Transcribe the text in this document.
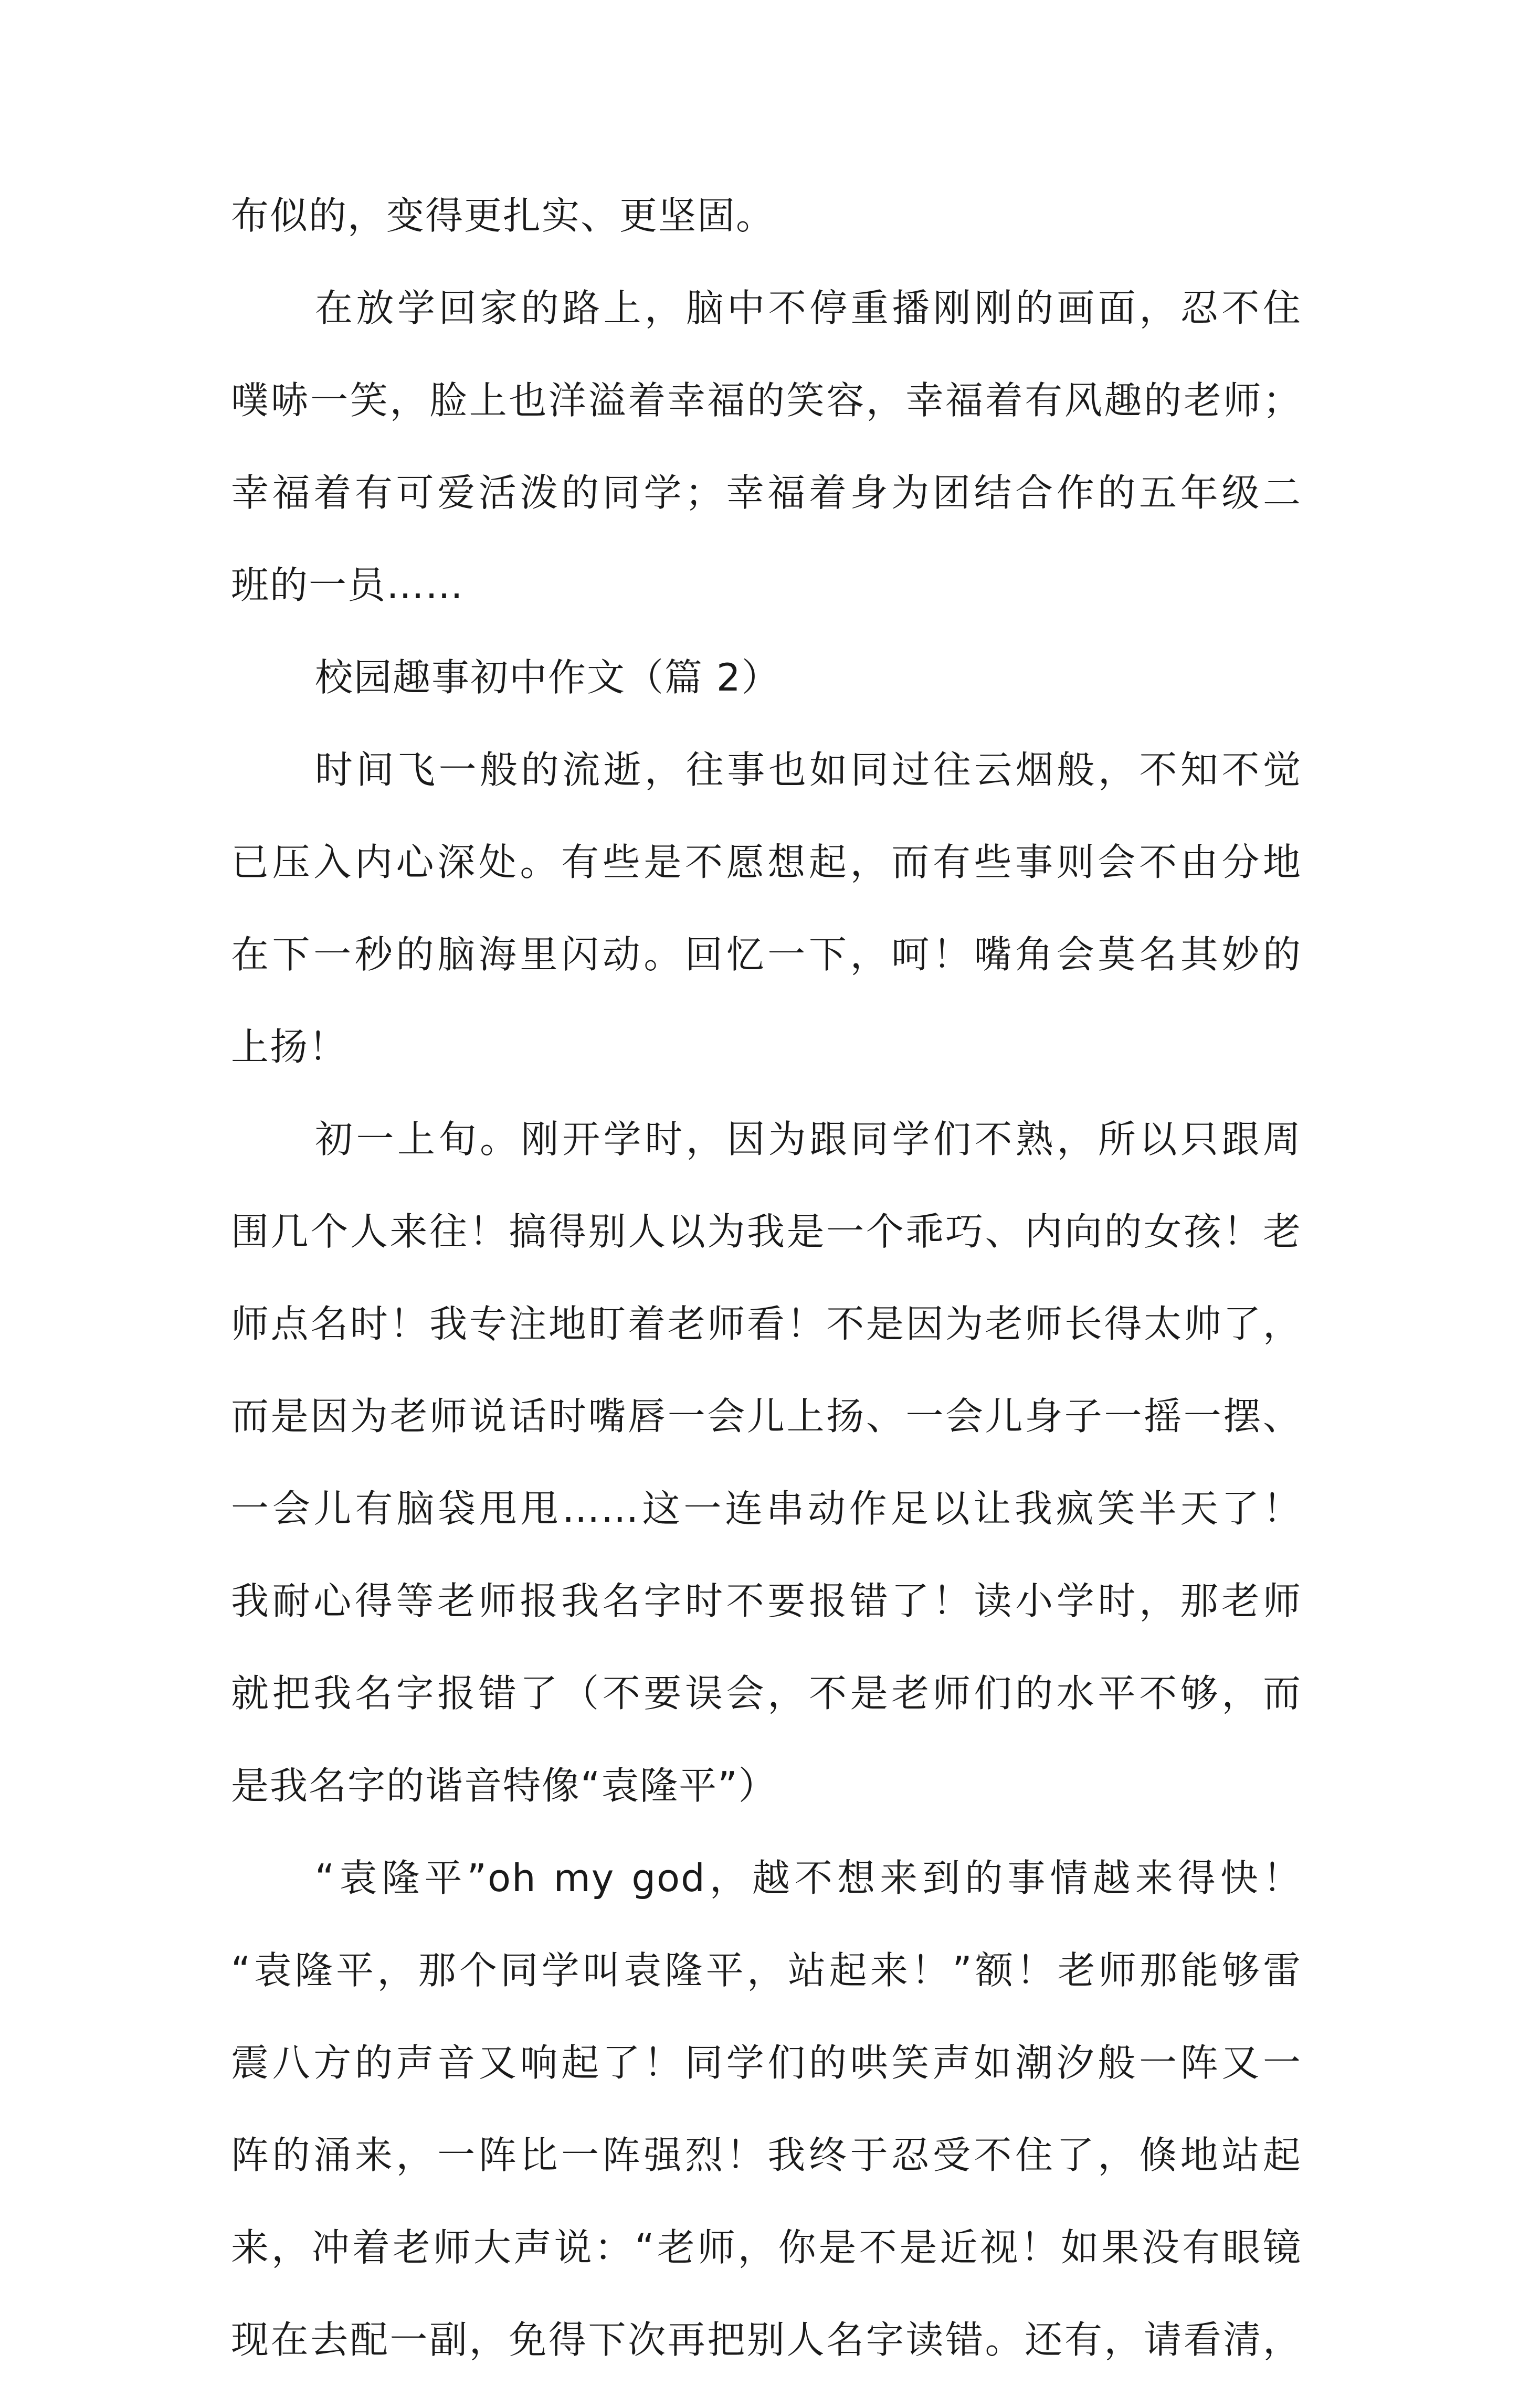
布似的，变得更扎实、更坚固。
在放学回家的路上，脑中不停重播刚刚的画面，忍不住
噗哧一笑，脸上也洋溢着幸福的笑容，幸福着有风趣的老师；
幸福着有可爱活泼的同学；幸福着身为团结合作的五年级二
班的一员……
校园趣事初中作文（篇 2）
时间飞一般的流逝，往事也如同过往云烟般，不知不觉
已压入内心深处。有些是不愿想起，而有些事则会不由分地
在下一秒的脑海里闪动。回忆一下，呵！嘴角会莫名其妙的
上扬！
初一上旬。刚开学时，因为跟同学们不熟，所以只跟周
围几个人来往！搞得别人以为我是一个乖巧、内向的女孩！老
师点名时！我专注地盯着老师看！不是因为老师长得太帅了，
而是因为老师说话时嘴唇一会儿上扬、一会儿身子一摇一摆、
一会儿有脑袋甩甩……这一连串动作足以让我疯笑半天了！
我耐心得等老师报我名字时不要报错了！读小学时，那老师
就把我名字报错了（不要误会，不是老师们的水平不够，而
是我名字的谐音特像“袁隆平”）
“袁隆平”oh my god，越不想来到的事情越来得快！
“袁隆平，那个同学叫袁隆平，站起来！”额！老师那能够雷
震八方的声音又响起了！同学们的哄笑声如潮汐般一阵又一
阵的涌来，一阵比一阵强烈！我终于忍受不住了，倏地站起
来，冲着老师大声说：“老师，你是不是近视！如果没有眼镜
现在去配一副，免得下次再把别人名字读错。还有，请看清，
